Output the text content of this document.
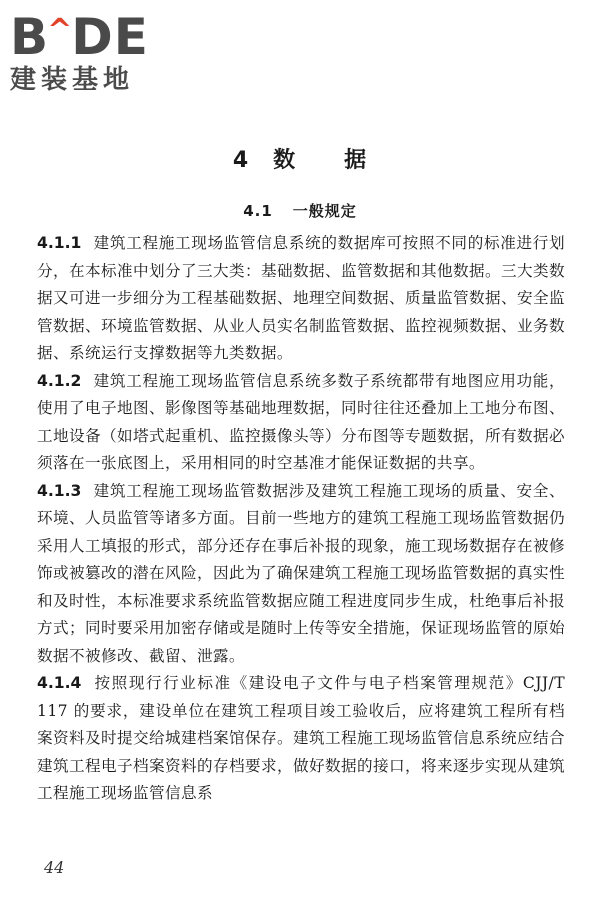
B^DE
建装基地
4 数 据
4.1 一般规定

4.1.1 建筑工程施工现场监管信息系统的数据库可按照不同的标准进行划分，在本标准中划分了三大类：基础数据、监管数据和其他数据。三大类数据又可进一步细分为工程基础数据、地理空间数据、质量监管数据、安全监管数据、环境监管数据、从业人员实名制监管数据、监控视频数据、业务数据、系统运行支撑数据等九类数据。

4.1.2 建筑工程施工现场监管信息系统多数子系统都带有地图应用功能，使用了电子地图、影像图等基础地理数据，同时往往还叠加上工地分布图、工地设备（如塔式起重机、监控摄像头等）分布图等专题数据，所有数据必须落在一张底图上，采用相同的时空基准才能保证数据的共享。

4.1.3 建筑工程施工现场监管数据涉及建筑工程施工现场的质量、安全、环境、人员监管等诸多方面。目前一些地方的建筑工程施工现场监管数据仍采用人工填报的形式，部分还存在事后补报的现象，施工现场数据存在被修饰或被篡改的潜在风险，因此为了确保建筑工程施工现场监管数据的真实性和及时性，本标准要求系统监管数据应随工程进度同步生成，杜绝事后补报方式；同时要采用加密存储或是随时上传等安全措施，保证现场监管的原始数据不被修改、截留、泄露。

4.1.4 按照现行行业标准《建设电子文件与电子档案管理规范》CJJ/T 117 的要求，建设单位在建筑工程项目竣工验收后，应将建筑工程所有档案资料及时提交给城建档案馆保存。建筑工程施工现场监管信息系统应结合建筑工程电子档案资料的存档要求，做好数据的接口，将来逐步实现从建筑工程施工现场监管信息系

44
